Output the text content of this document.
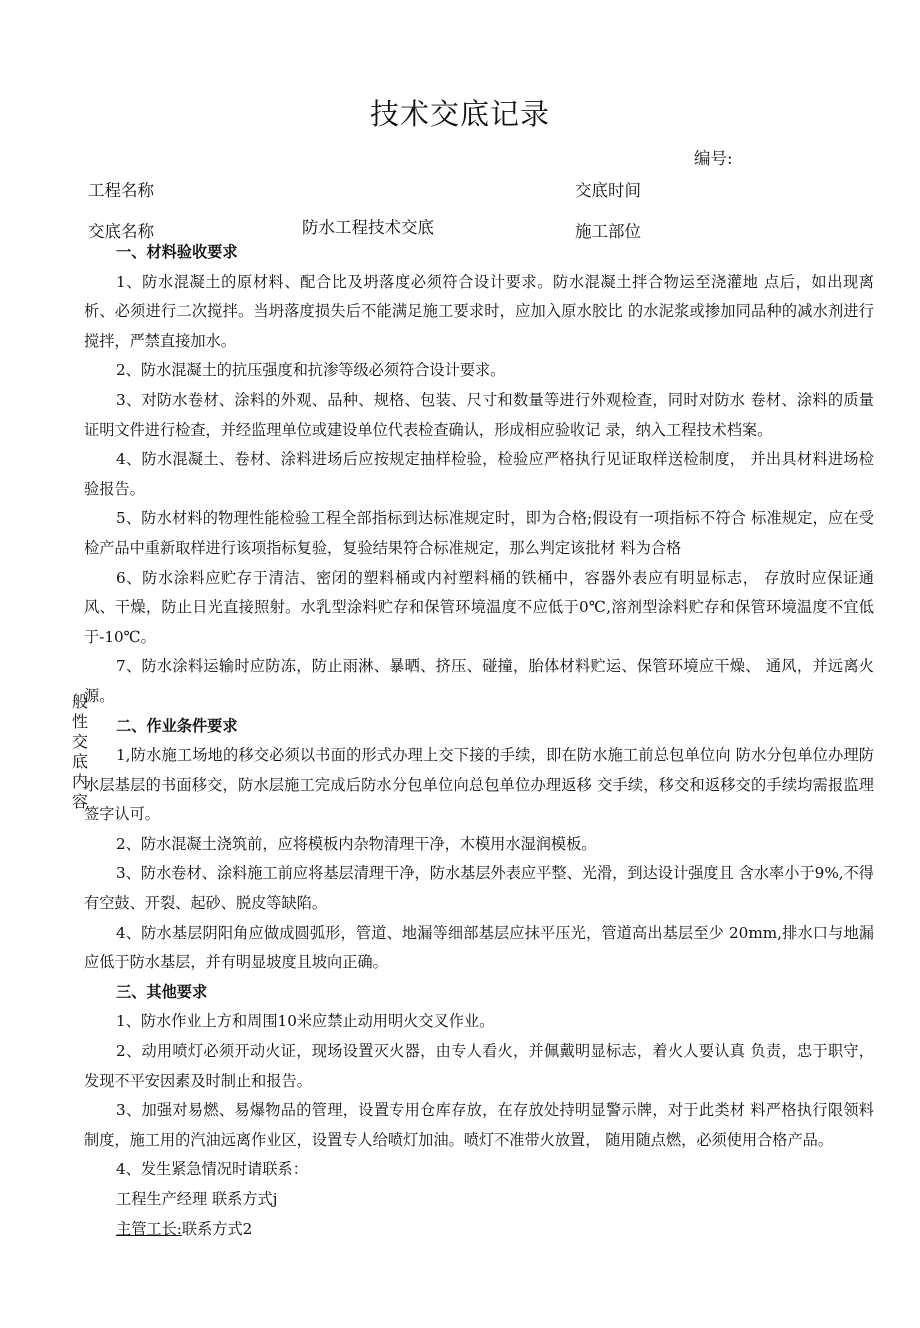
技术交底记录
编号:
工程名称	交底时间
交底名称	防水工程技术交底	施工部位
般性交底内容
一、材料验收要求
1、防水混凝土的原材料、配合比及坍落度必须符合设计要求。防水混凝土拌合物运至浇灌地 点后，如出现离析、必须进行二次搅拌。当坍落度损失后不能满足施工要求时，应加入原水胶比 的水泥浆或掺加同品种的减水剂进行搅拌，严禁直接加水。
2、防水混凝土的抗压强度和抗渗等级必须符合设计要求。
3、对防水卷材、涂料的外观、品种、规格、包装、尺寸和数量等进行外观检查，同时对防水 卷材、涂料的质量证明文件进行检查，并经监理单位或建设单位代表检查确认，形成相应验收记 录，纳入工程技术档案。
4、防水混凝土、卷材、涂料进场后应按规定抽样检验，检验应严格执行见证取样送检制度， 并出具材料进场检验报告。
5、防水材料的物理性能检验工程全部指标到达标准规定时，即为合格;假设有一项指标不符合 标准规定，应在受检产品中重新取样进行该项指标复验，复验结果符合标准规定，那么判定该批材 料为合格
6、防水涂料应贮存于清洁、密闭的塑料桶或内衬塑料桶的铁桶中，容器外表应有明显标志， 存放时应保证通风、干燥，防止日光直接照射。水乳型涂料贮存和保管环境温度不应低于0℃,溶剂型涂料贮存和保管环境温度不宜低于-10℃。
7、防水涂料运输时应防冻，防止雨淋、暴晒、挤压、碰撞，胎体材料贮运、保管环境应干燥、 通风，并远离火源。
二、作业条件要求
1,防水施工场地的移交必须以书面的形式办理上交下接的手续，即在防水施工前总包单位向 防水分包单位办理防水层基层的书面移交，防水层施工完成后防水分包单位向总包单位办理返移 交手续，移交和返移交的手续均需报监理签字认可。
2、防水混凝土浇筑前，应将模板内杂物清理干净，木模用水湿润模板。
3、防水卷材、涂料施工前应将基层清理干净，防水基层外表应平整、光滑，到达设计强度且 含水率小于9%,不得有空鼓、开裂、起砂、脱皮等缺陷。
4、防水基层阴阳角应做成圆弧形，管道、地漏等细部基层应抹平压光，管道高出基层至少 20mm,排水口与地漏应低于防水基层，并有明显坡度且坡向正确。
三、其他要求
1、防水作业上方和周围10米应禁止动用明火交叉作业。
2、动用喷灯必须开动火证，现场设置灭火器，由专人看火，并佩戴明显标志，着火人要认真 负责，忠于职守，发现不平安因素及时制止和报告。
3、加强对易燃、易爆物品的管理，设置专用仓库存放，在存放处持明显警示牌，对于此类材 料严格执行限领料制度，施工用的汽油远离作业区，设置专人给喷灯加油。喷灯不准带火放置， 随用随点燃，必须使用合格产品。
4、发生紧急情况时请联系：
工程生产经理 联系方式j
主管工长:联系方式2
